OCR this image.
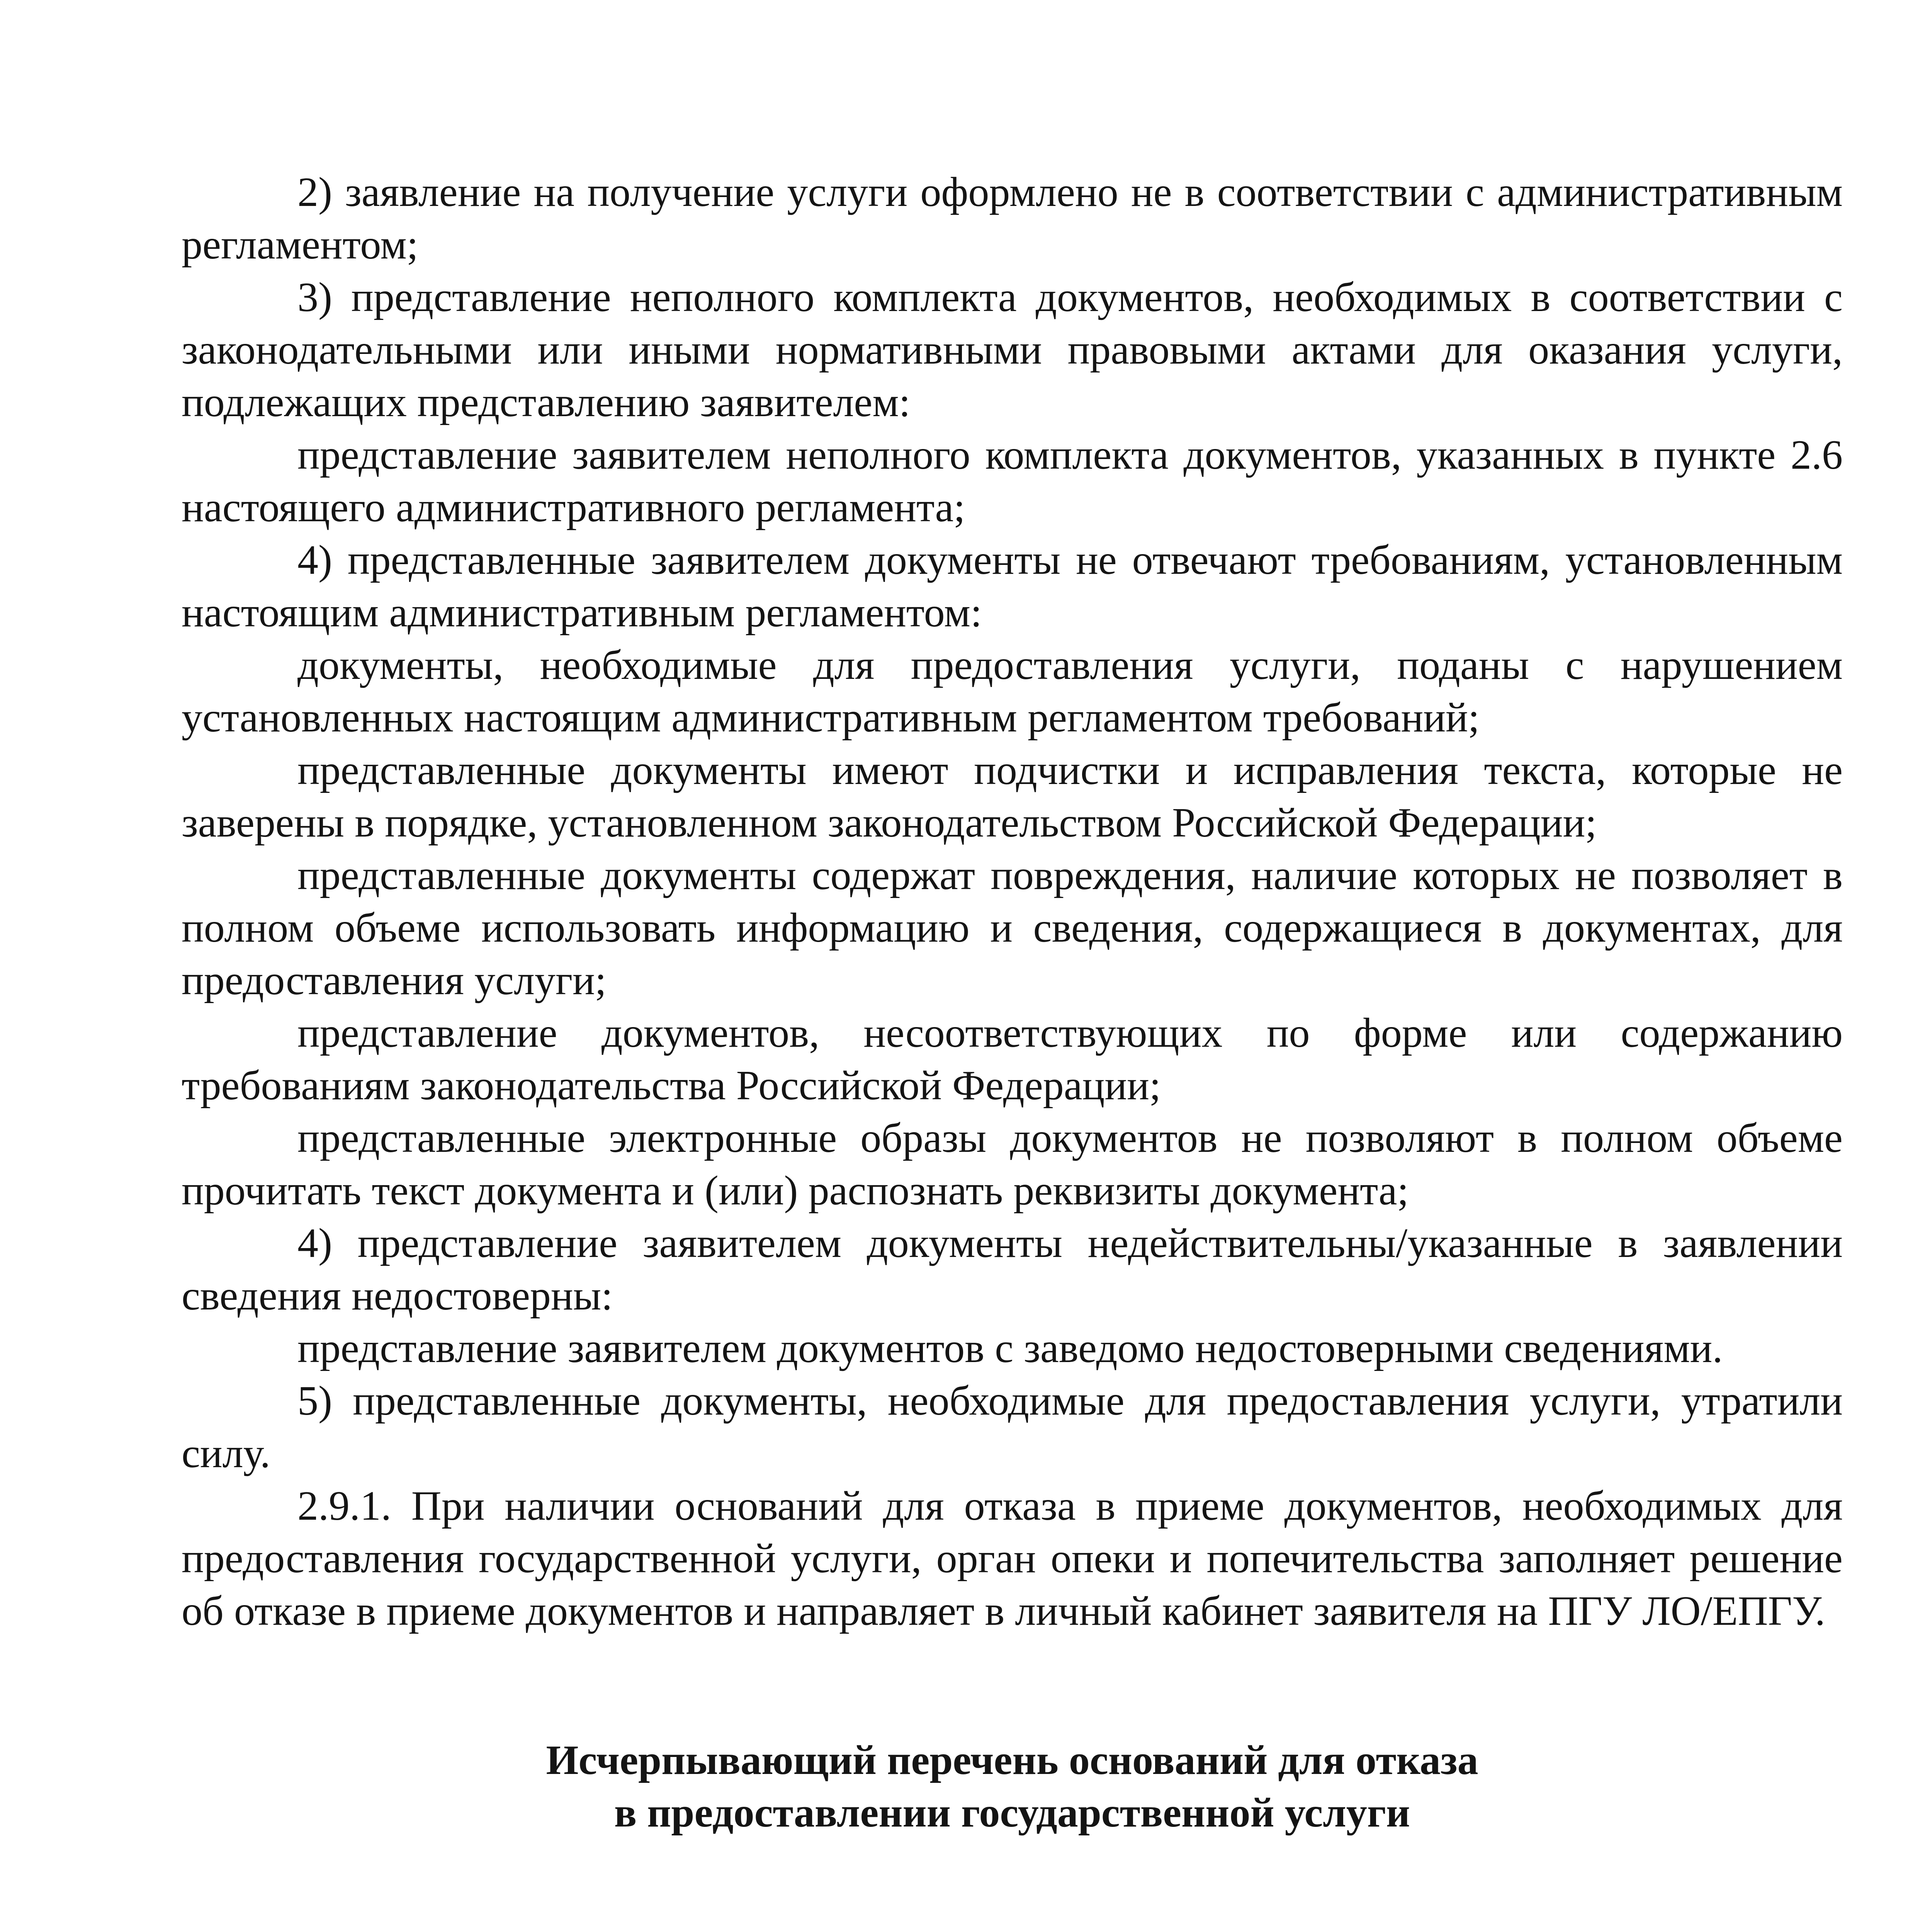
2) заявление на получение услуги оформлено не в соответствии с административным регламентом;

3) представление неполного комплекта документов, необходимых в соответствии с законодательными или иными нормативными правовыми актами для оказания услуги, подлежащих представлению заявителем:

представление заявителем неполного комплекта документов, указанных в пункте 2.6 настоящего административного регламента;

4) представленные заявителем документы не отвечают требованиям, установленным настоящим административным регламентом:

документы, необходимые для предоставления услуги, поданы с нарушением установленных настоящим административным регламентом требований;

представленные документы имеют подчистки и исправления текста, которые не заверены в порядке, установленном законодательством Российской Федерации;

представленные документы содержат повреждения, наличие которых не позволяет в полном объеме использовать информацию и сведения, содержащиеся в документах, для предоставления услуги;

представление документов, несоответствующих по форме или содержанию требованиям законодательства Российской Федерации;

представленные электронные образы документов не позволяют в полном объеме прочитать текст документа и (или) распознать реквизиты документа;

4) представление заявителем документы недействительны/указанные в заявлении сведения недостоверны:

представление заявителем документов с заведомо недостоверными сведениями.

5) представленные документы, необходимые для предоставления услуги, утратили силу.

2.9.1. При наличии оснований для отказа в приеме документов, необходимых для предоставления государственной услуги, орган опеки и попечительства заполняет решение об отказе в приеме документов и направляет в личный кабинет заявителя на ПГУ ЛО/ЕПГУ.

Исчерпывающий перечень оснований для отказа
в предоставлении государственной услуги
